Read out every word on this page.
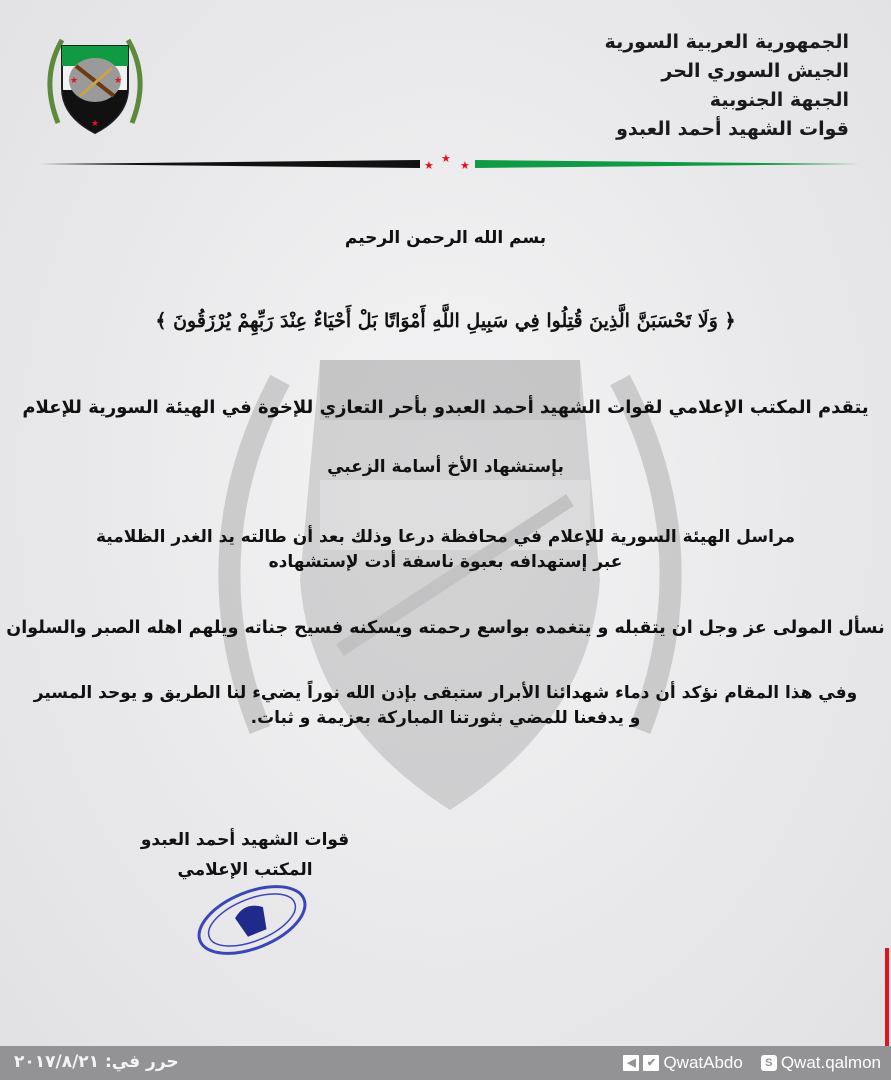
★	★
★
الجمهورية العربية السورية
الجيش السوري الحر
الجبهة الجنوبية
قوات الشهيد أحمد العبدو
★
★
★
بسم الله الرحمن الرحيم
﴿ وَلَا تَحْسَبَنَّ الَّذِينَ قُتِلُوا فِي سَبِيلِ اللَّهِ أَمْوَاتًا بَلْ أَحْيَاءٌ عِنْدَ رَبِّهِمْ يُرْزَقُونَ ﴾
يتقدم المكتب الإعلامي لقوات الشهيد أحمد العبدو بأحر التعازي للإخوة في الهيئة السورية للإعلام
بإستشهاد الأخ أسامة الزعبي
مراسل الهيئة السورية للإعلام في محافظة درعا وذلك بعد أن طالته يد الغدر الظلامية
عبر إستهدافه بعبوة ناسفة أدت لإستشهاده
نسأل المولى عز وجل ان يتقبله و يتغمده بواسع رحمته ويسكنه فسيح جناته ويلهم اهله الصبر والسلوان
وفي هذا المقام نؤكد أن دماء شهدائنا الأبرار ستبقى بإذن الله نوراً يضيء لنا الطريق و يوحد المسير
و يدفعنا للمضي بثورتنا المباركة بعزيمة و ثبات.
قوات الشهيد أحمد العبدو
المكتب الإعلامي
حرر في: ٢٠١٧/٨/٢١	◀	✔ QwatAbdo	S Qwat.qalmon
